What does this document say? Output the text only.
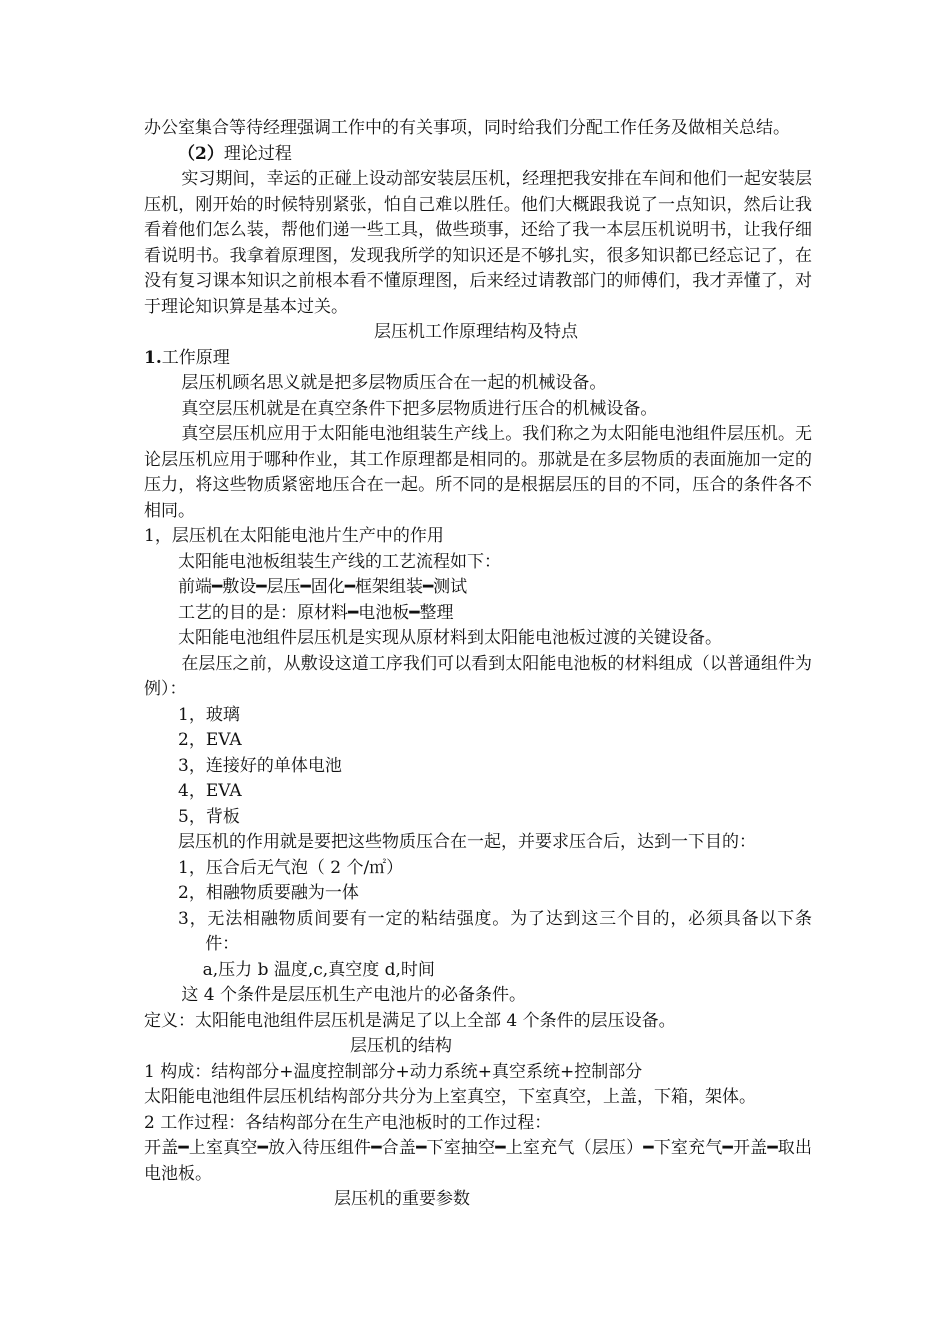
办公室集合等待经理强调工作中的有关事项，同时给我们分配工作任务及做相关总结。

（2）理论过程

实习期间，幸运的正碰上设动部安装层压机，经理把我安排在车间和他们一起安装层压机，刚开始的时候特别紧张，怕自己难以胜任。他们大概跟我说了一点知识，然后让我看着他们怎么装，帮他们递一些工具，做些琐事，还给了我一本层压机说明书，让我仔细看说明书。我拿着原理图，发现我所学的知识还是不够扎实，很多知识都已经忘记了，在没有复习课本知识之前根本看不懂原理图，后来经过请教部门的师傅们，我才弄懂了，对于理论知识算是基本过关。

层压机工作原理结构及特点

1.工作原理

层压机顾名思义就是把多层物质压合在一起的机械设备。

真空层压机就是在真空条件下把多层物质进行压合的机械设备。

真空层压机应用于太阳能电池组装生产线上。我们称之为太阳能电池组件层压机。无论层压机应用于哪种作业，其工作原理都是相同的。那就是在多层物质的表面施加一定的压力，将这些物质紧密地压合在一起。所不同的是根据层压的目的不同，压合的条件各不相同。

1，层压机在太阳能电池片生产中的作用

太阳能电池板组装生产线的工艺流程如下：

前端━敷设━层压━固化━框架组装━测试

工艺的目的是：原材料━电池板━整理

太阳能电池组件层压机是实现从原材料到太阳能电池板过渡的关键设备。

在层压之前，从敷设这道工序我们可以看到太阳能电池板的材料组成（以普通组件为例）：

1，玻璃

2，EVA

3，连接好的单体电池

4，EVA

5，背板

层压机的作用就是要把这些物质压合在一起，并要求压合后，达到一下目的：

1，压合后无气泡（ 2 个/㎡）

2，相融物质要融为一体

3，无法相融物质间要有一定的粘结强度。为了达到这三个目的，必须具备以下条件：

a,压力 b 温度,c,真空度 d,时间

这 4 个条件是层压机生产电池片的必备条件。

定义：太阳能电池组件层压机是满足了以上全部 4 个条件的层压设备。

层压机的结构

1 构成：结构部分+温度控制部分+动力系统+真空系统+控制部分

太阳能电池组件层压机结构部分共分为上室真空，下室真空，上盖，下箱，架体。

2 工作过程：各结构部分在生产电池板时的工作过程：

开盖━上室真空━放入待压组件━合盖━下室抽空━上室充气（层压）━下室充气━开盖━取出电池板。

层压机的重要参数
